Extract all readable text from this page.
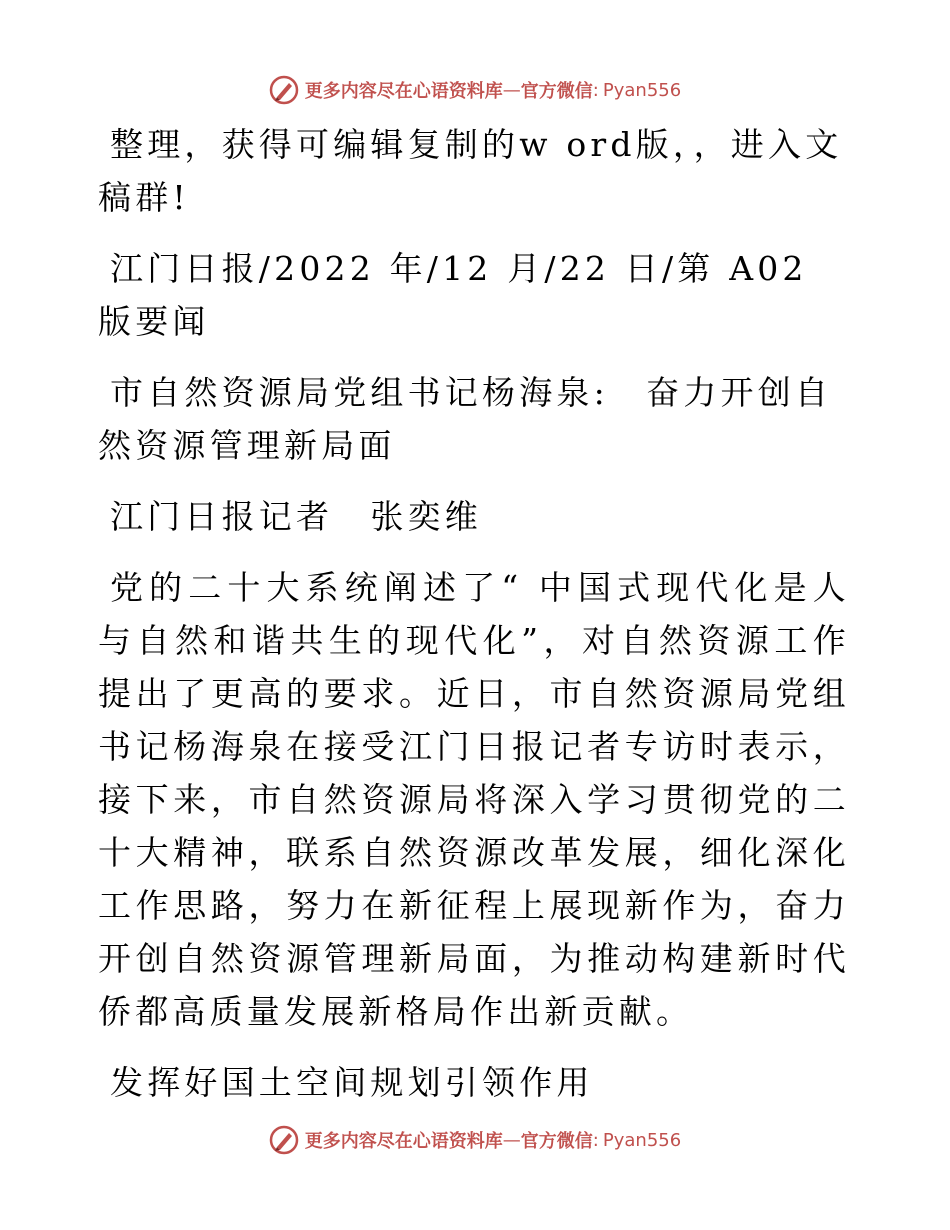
更多内容尽在心语资料库 — 官方微信 : Pyan556

整理，获得可编辑复制的w ord版，，进入文稿群!

江门日报/2022 年/12 月/22 日/第 A02 版要闻

市自然资源局党组书记杨海泉:　奋力开创自然资源管理新局面

江门日报记者　张奕维

党的二十大系统阐述了“ 中国式现代化是人与自然和谐共生的现代化”，对自然资源工作提出了更高的要求。近日，市自然资源局党组书记杨海泉在接受江门日报记者专访时表示，接下来，市自然资源局将深入学习贯彻党的二十大精神，联系自然资源改革发展，细化深化工作思路，努力在新征程上展现新作为，奋力开创自然资源管理新局面，为推动构建新时代侨都高质量发展新格局作出新贡献。

发挥好国土空间规划引领作用

更多内容尽在心语资料库 — 官方微信 : Pyan556
